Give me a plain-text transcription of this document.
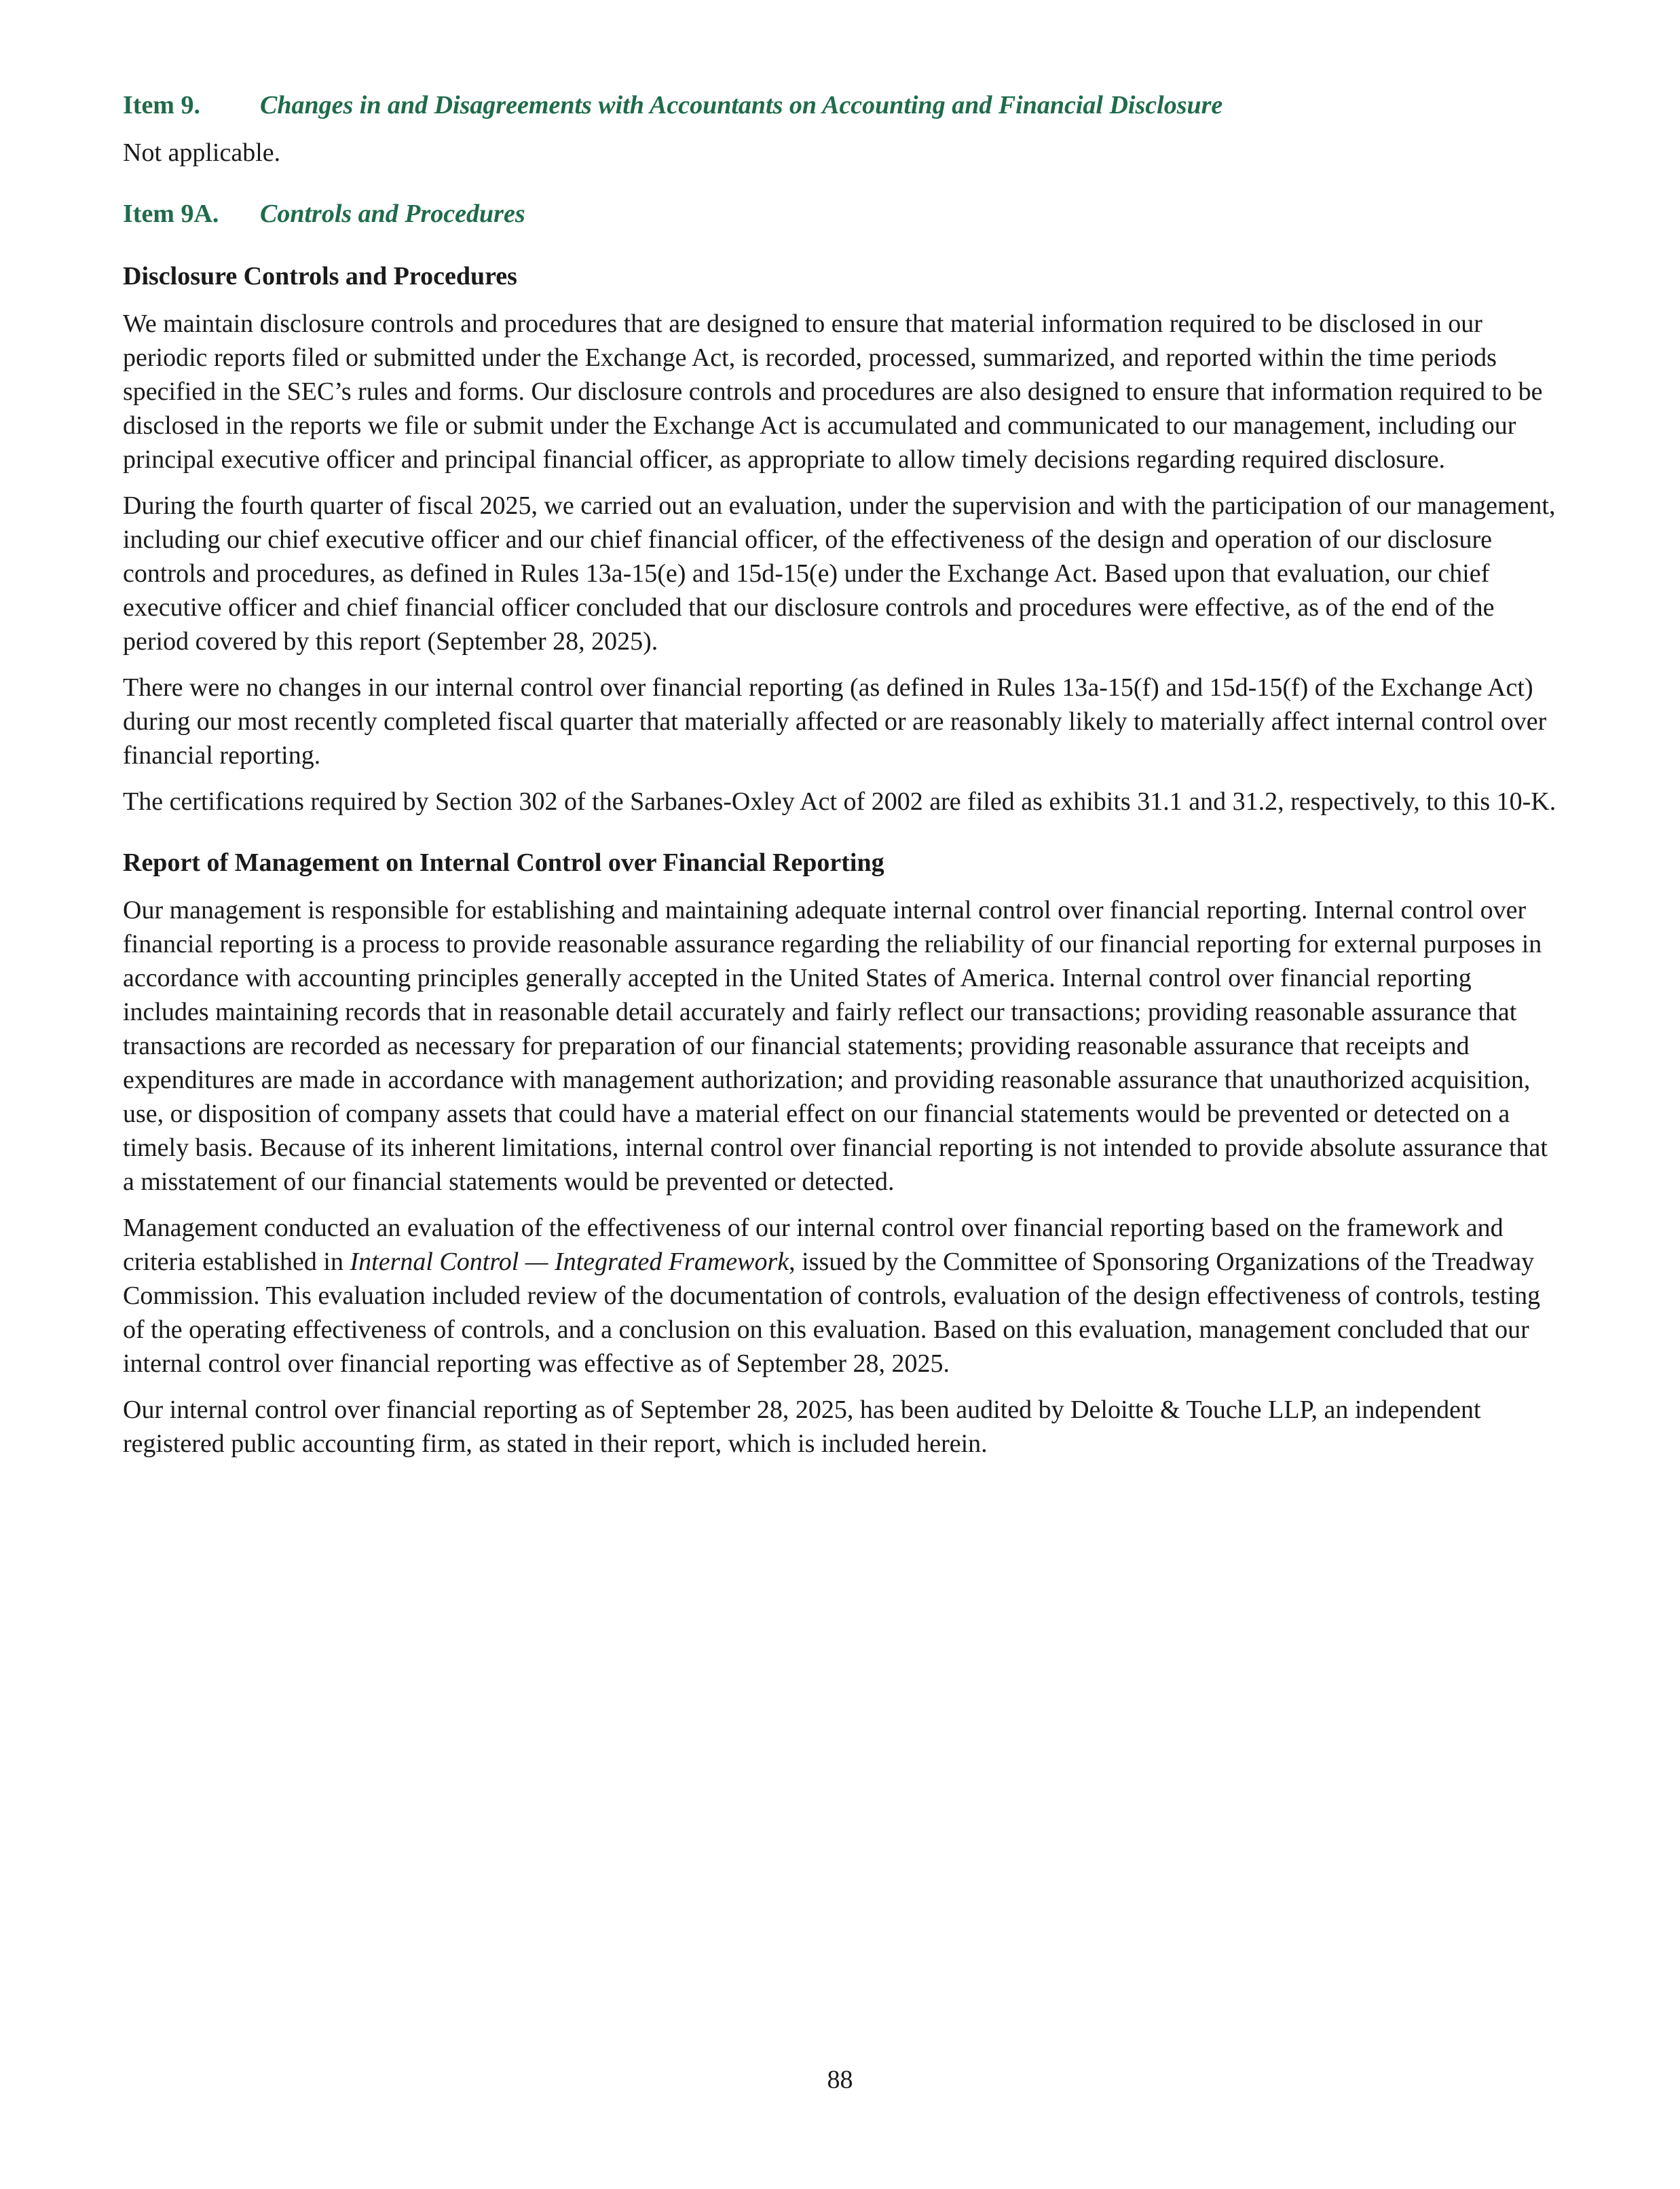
Item 9. Changes in and Disagreements with Accountants on Accounting and Financial Disclosure

Not applicable.

Item 9A. Controls and Procedures
Disclosure Controls and Procedures

We maintain disclosure controls and procedures that are designed to ensure that material information required to be disclosed in our periodic reports filed or submitted under the Exchange Act, is recorded, processed, summarized, and reported within the time periods specified in the SEC’s rules and forms. Our disclosure controls and procedures are also designed to ensure that information required to be disclosed in the reports we file or submit under the Exchange Act is accumulated and communicated to our management, including our principal executive officer and principal financial officer, as appropriate to allow timely decisions regarding required disclosure.

During the fourth quarter of fiscal 2025, we carried out an evaluation, under the supervision and with the participation of our management, including our chief executive officer and our chief financial officer, of the effectiveness of the design and operation of our disclosure controls and procedures, as defined in Rules 13a-15(e) and 15d-15(e) under the Exchange Act. Based upon that evaluation, our chief executive officer and chief financial officer concluded that our disclosure controls and procedures were effective, as of the end of the period covered by this report (September 28, 2025).

There were no changes in our internal control over financial reporting (as defined in Rules 13a-15(f) and 15d-15(f) of the Exchange Act) during our most recently completed fiscal quarter that materially affected or are reasonably likely to materially affect internal control over financial reporting.

The certifications required by Section 302 of the Sarbanes-Oxley Act of 2002 are filed as exhibits 31.1 and 31.2, respectively, to this 10-K.

Report of Management on Internal Control over Financial Reporting

Our management is responsible for establishing and maintaining adequate internal control over financial reporting. Internal control over financial reporting is a process to provide reasonable assurance regarding the reliability of our financial reporting for external purposes in accordance with accounting principles generally accepted in the United States of America. Internal control over financial reporting includes maintaining records that in reasonable detail accurately and fairly reflect our transactions; providing reasonable assurance that transactions are recorded as necessary for preparation of our financial statements; providing reasonable assurance that receipts and expenditures are made in accordance with management authorization; and providing reasonable assurance that unauthorized acquisition, use, or disposition of company assets that could have a material effect on our financial statements would be prevented or detected on a timely basis. Because of its inherent limitations, internal control over financial reporting is not intended to provide absolute assurance that a misstatement of our financial statements would be prevented or detected.

Management conducted an evaluation of the effectiveness of our internal control over financial reporting based on the framework and criteria established in Internal Control — Integrated Framework, issued by the Committee of Sponsoring Organizations of the Treadway Commission. This evaluation included review of the documentation of controls, evaluation of the design effectiveness of controls, testing of the operating effectiveness of controls, and a conclusion on this evaluation. Based on this evaluation, management concluded that our internal control over financial reporting was effective as of September 28, 2025.

Our internal control over financial reporting as of September 28, 2025, has been audited by Deloitte & Touche LLP, an independent registered public accounting firm, as stated in their report, which is included herein.

88
